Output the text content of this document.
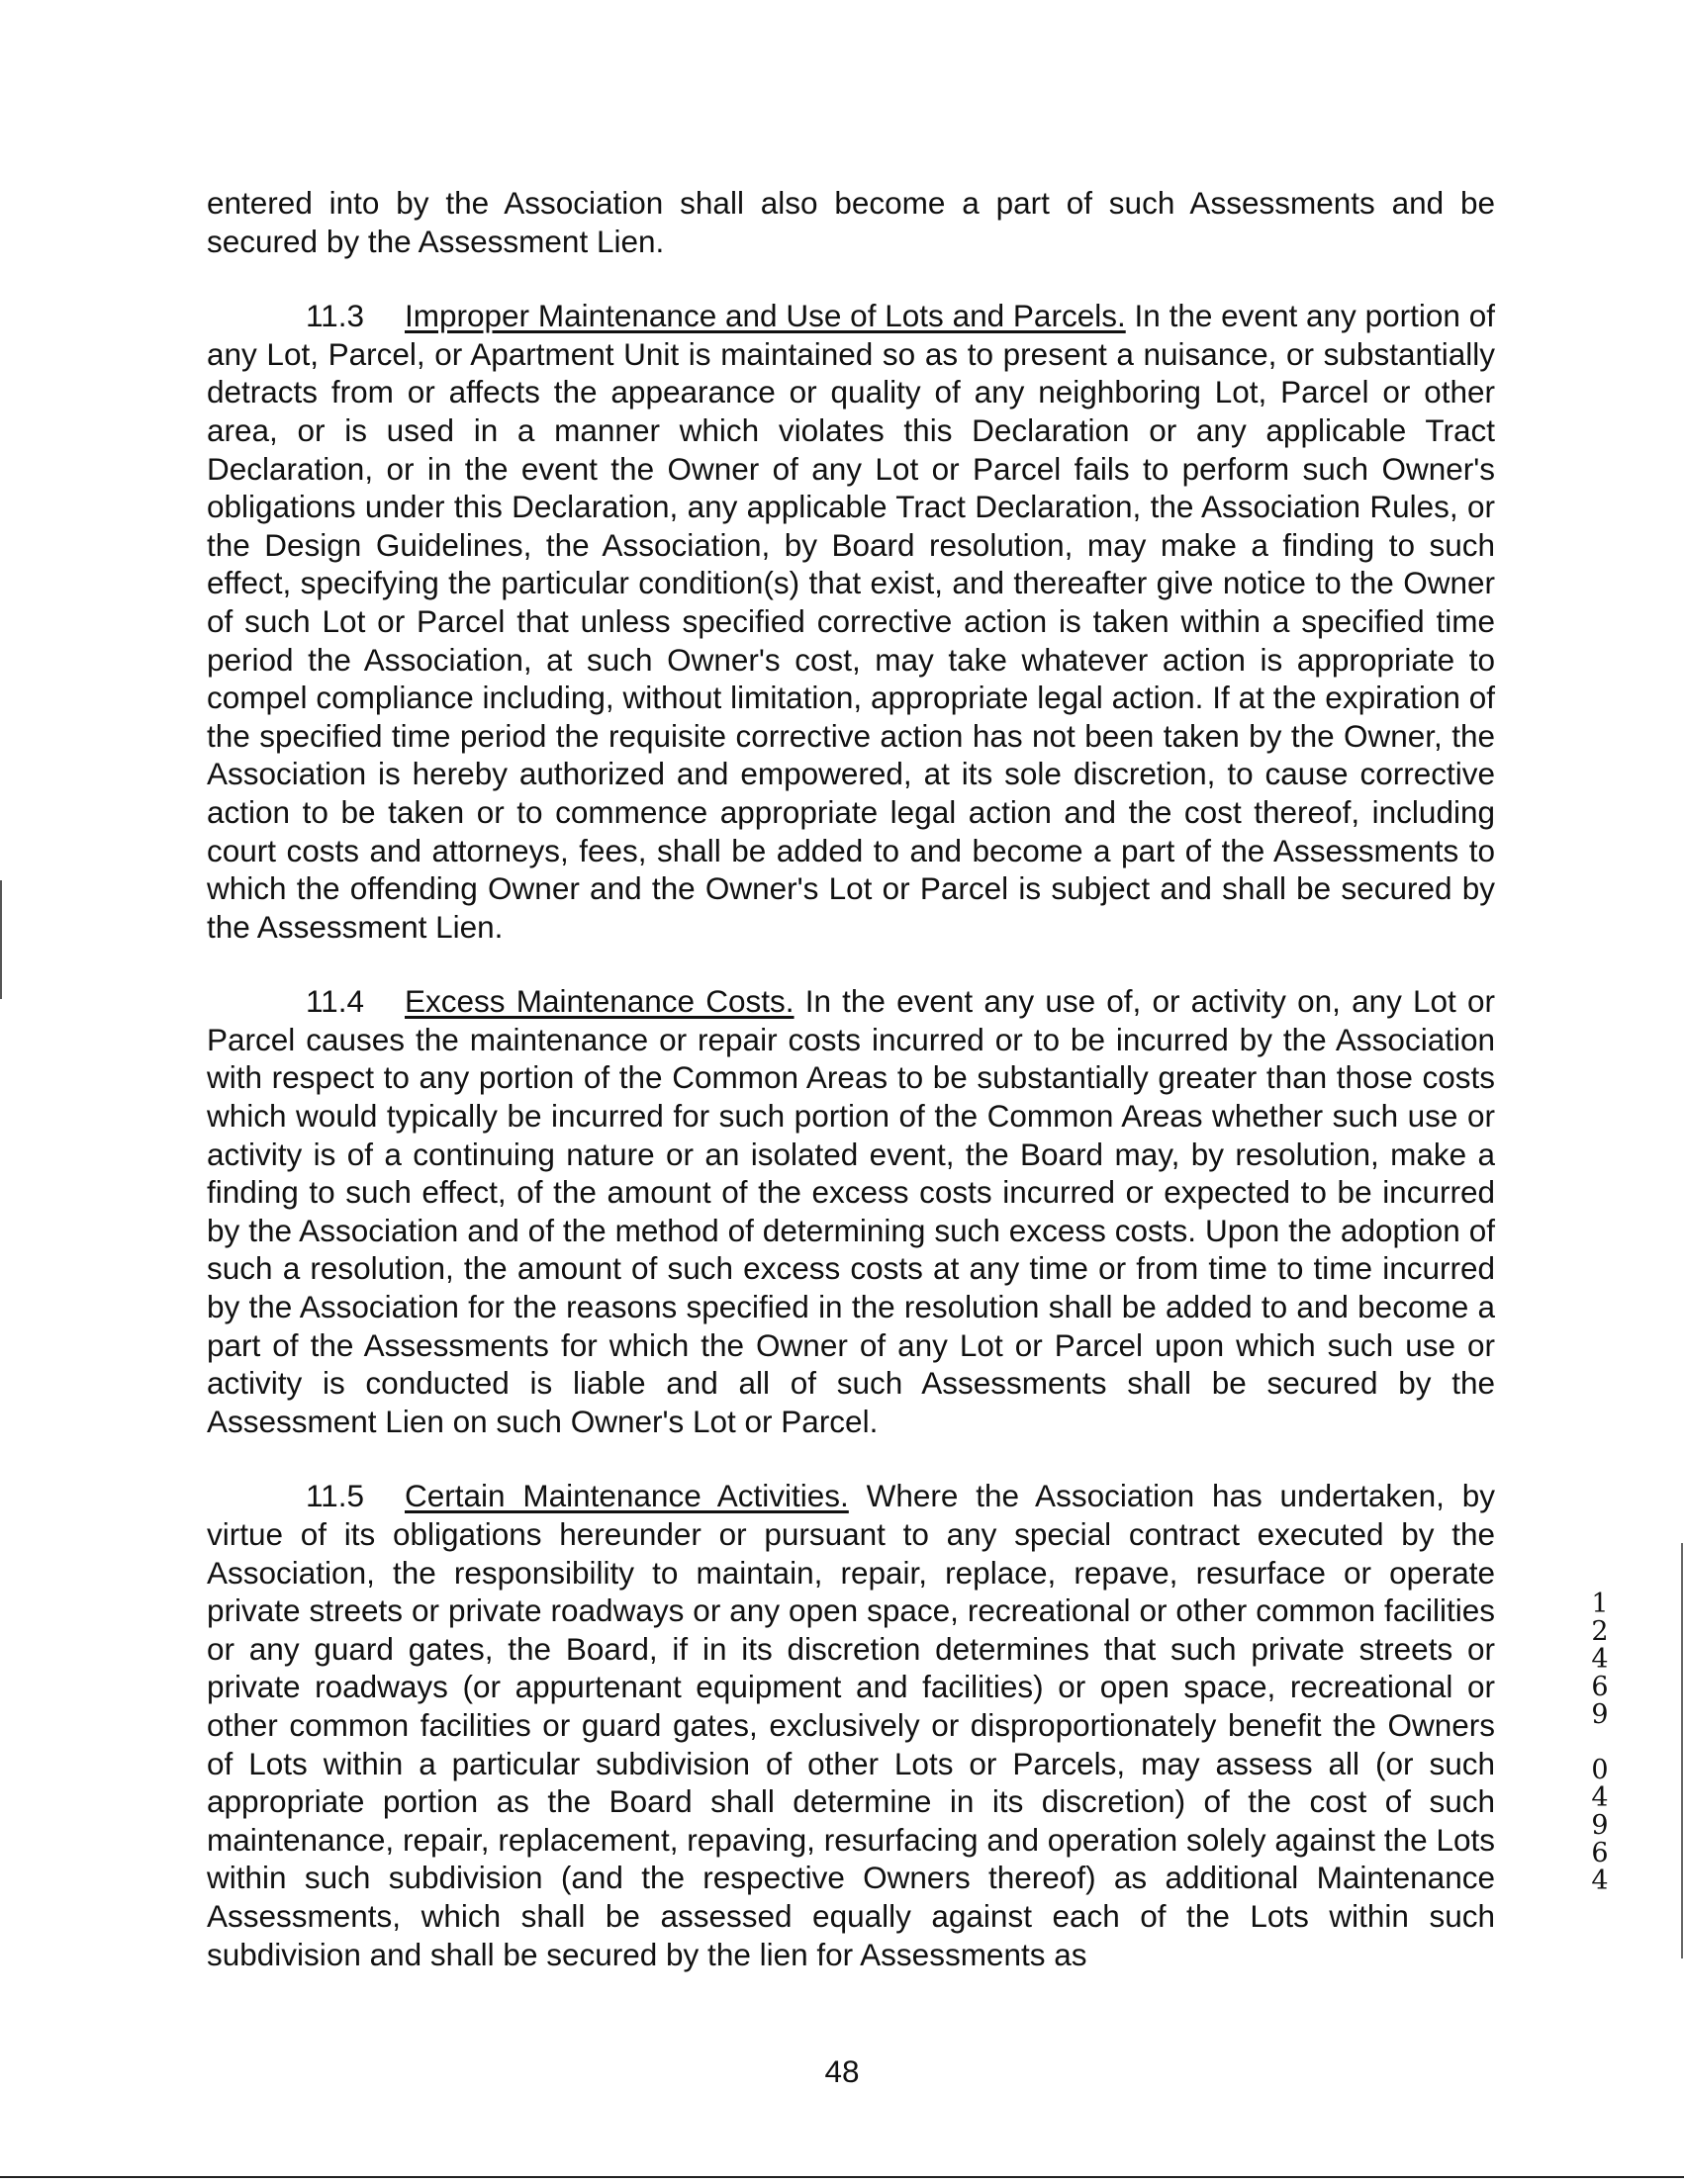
entered into by the Association shall also become a part of such Assessments and be secured by the Assessment Lien.

11.3 Improper Maintenance and Use of Lots and Parcels. In the event any portion of any Lot, Parcel, or Apartment Unit is maintained so as to present a nuisance, or substantially detracts from or affects the appearance or quality of any neighboring Lot, Parcel or other area, or is used in a manner which violates this Declaration or any applicable Tract Declaration, or in the event the Owner of any Lot or Parcel fails to perform such Owner's obligations under this Declaration, any applicable Tract Declaration, the Association Rules, or the Design Guidelines, the Association, by Board resolution, may make a finding to such effect, specifying the particular condition(s) that exist, and thereafter give notice to the Owner of such Lot or Parcel that unless specified corrective action is taken within a specified time period the Association, at such Owner's cost, may take whatever action is appropriate to compel compliance including, without limitation, appropriate legal action. If at the expiration of the specified time period the requisite corrective action has not been taken by the Owner, the Association is hereby authorized and empowered, at its sole discretion, to cause corrective action to be taken or to commence appropriate legal action and the cost thereof, including court costs and attorneys, fees, shall be added to and become a part of the Assessments to which the offending Owner and the Owner's Lot or Parcel is subject and shall be secured by the Assessment Lien.

11.4 Excess Maintenance Costs. In the event any use of, or activity on, any Lot or Parcel causes the maintenance or repair costs incurred or to be incurred by the Association with respect to any portion of the Common Areas to be substantially greater than those costs which would typically be incurred for such portion of the Common Areas whether such use or activity is of a continuing nature or an isolated event, the Board may, by resolution, make a finding to such effect, of the amount of the excess costs incurred or expected to be incurred by the Association and of the method of determining such excess costs. Upon the adoption of such a resolution, the amount of such excess costs at any time or from time to time incurred by the Association for the reasons specified in the resolution shall be added to and become a part of the Assessments for which the Owner of any Lot or Parcel upon which such use or activity is conducted is liable and all of such Assessments shall be secured by the Assessment Lien on such Owner's Lot or Parcel.

11.5 Certain Maintenance Activities. Where the Association has undertaken, by virtue of its obligations hereunder or pursuant to any special contract executed by the Association, the responsibility to maintain, repair, replace, repave, resurface or operate private streets or private roadways or any open space, recreational or other common facilities or any guard gates, the Board, if in its discretion determines that such private streets or private roadways (or appurtenant equipment and facilities) or open space, recreational or other common facilities or guard gates, exclusively or disproportionately benefit the Owners of Lots within a particular subdivision of other Lots or Parcels, may assess all (or such appropriate portion as the Board shall determine in its discretion) of the cost of such maintenance, repair, replacement, repaving, resurfacing and operation solely against the Lots within such subdivision (and the respective Owners thereof) as additional Maintenance Assessments, which shall be assessed equally against each of the Lots within such subdivision and shall be secured by the lien for Assessments as

48
1
2
4
6
9
0
4
9
6
4
